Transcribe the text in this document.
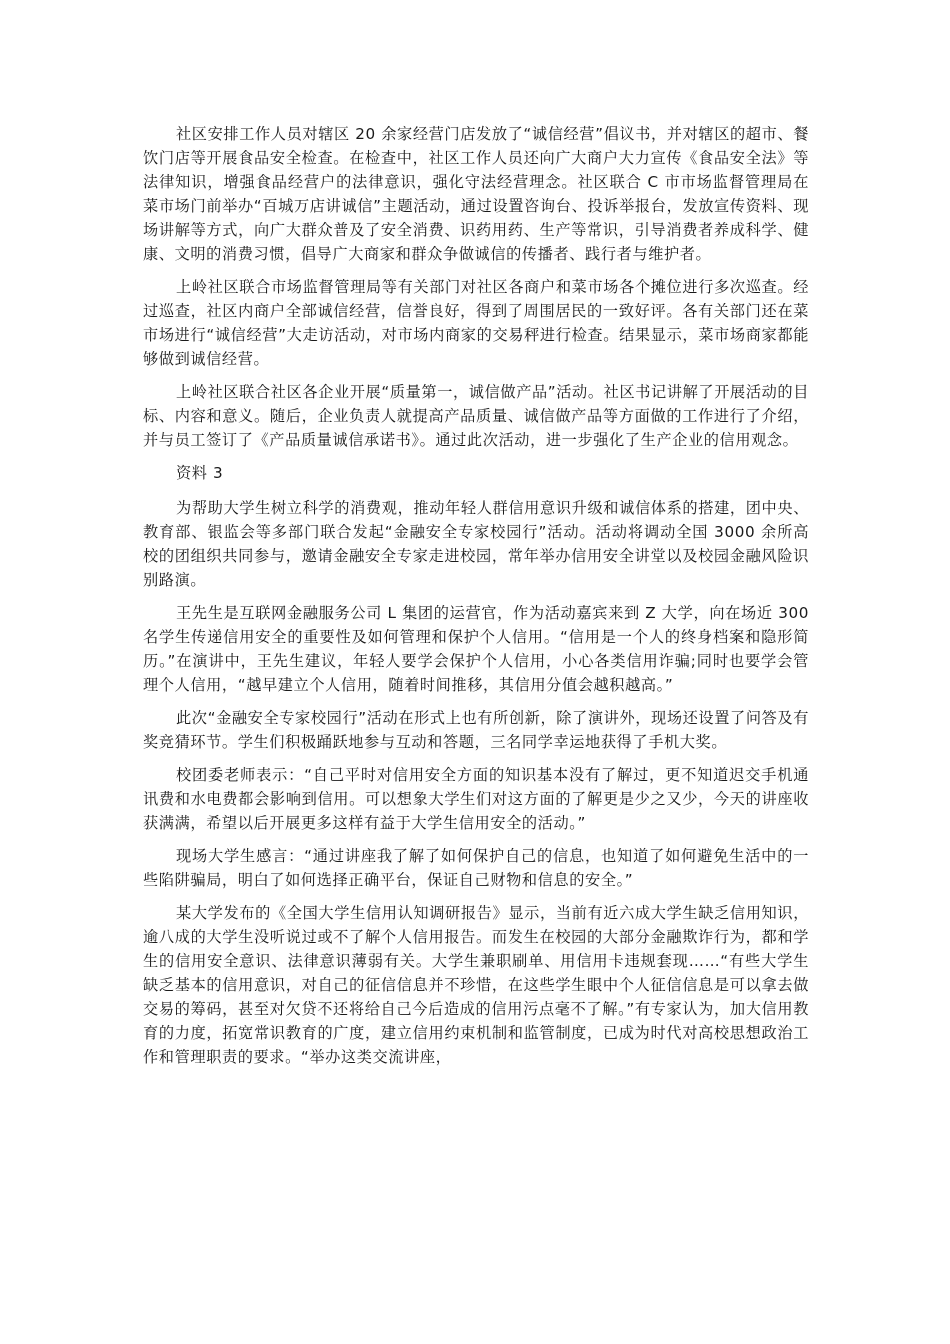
社区安排工作人员对辖区 20 余家经营门店发放了“诚信经营”倡议书，并对辖区的超市、餐饮门店等开展食品安全检查。在检查中，社区工作人员还向广大商户大力宣传《食品安全法》等法律知识，增强食品经营户的法律意识，强化守法经营理念。社区联合 C 市市场监督管理局在菜市场门前举办“百城万店讲诚信”主题活动，通过设置咨询台、投诉举报台，发放宣传资料、现场讲解等方式，向广大群众普及了安全消费、识药用药、生产等常识，引导消费者养成科学、健康、文明的消费习惯，倡导广大商家和群众争做诚信的传播者、践行者与维护者。

上岭社区联合市场监督管理局等有关部门对社区各商户和菜市场各个摊位进行多次巡查。经过巡查，社区内商户全部诚信经营，信誉良好，得到了周围居民的一致好评。各有关部门还在菜市场进行“诚信经营”大走访活动，对市场内商家的交易秤进行检查。结果显示，菜市场商家都能够做到诚信经营。

上岭社区联合社区各企业开展“质量第一，诚信做产品”活动。社区书记讲解了开展活动的目标、内容和意义。随后，企业负责人就提高产品质量、诚信做产品等方面做的工作进行了介绍，并与员工签订了《产品质量诚信承诺书》。通过此次活动，进一步强化了生产企业的信用观念。

资料 3

为帮助大学生树立科学的消费观，推动年轻人群信用意识升级和诚信体系的搭建，团中央、教育部、银监会等多部门联合发起“金融安全专家校园行”活动。活动将调动全国 3000 余所高校的团组织共同参与，邀请金融安全专家走进校园，常年举办信用安全讲堂以及校园金融风险识别路演。

王先生是互联网金融服务公司 L 集团的运营官，作为活动嘉宾来到 Z 大学，向在场近 300 名学生传递信用安全的重要性及如何管理和保护个人信用。“信用是一个人的终身档案和隐形简历。”在演讲中，王先生建议，年轻人要学会保护个人信用，小心各类信用诈骗;同时也要学会管理个人信用，“越早建立个人信用，随着时间推移，其信用分值会越积越高。”

此次“金融安全专家校园行”活动在形式上也有所创新，除了演讲外，现场还设置了问答及有奖竞猜环节。学生们积极踊跃地参与互动和答题，三名同学幸运地获得了手机大奖。

校团委老师表示：“自己平时对信用安全方面的知识基本没有了解过，更不知道迟交手机通讯费和水电费都会影响到信用。可以想象大学生们对这方面的了解更是少之又少，今天的讲座收获满满，希望以后开展更多这样有益于大学生信用安全的活动。”

现场大学生感言：“通过讲座我了解了如何保护自己的信息，也知道了如何避免生活中的一些陷阱骗局，明白了如何选择正确平台，保证自己财物和信息的安全。”

某大学发布的《全国大学生信用认知调研报告》显示，当前有近六成大学生缺乏信用知识，逾八成的大学生没听说过或不了解个人信用报告。而发生在校园的大部分金融欺诈行为，都和学生的信用安全意识、法律意识薄弱有关。大学生兼职刷单、用信用卡违规套现……“有些大学生缺乏基本的信用意识，对自己的征信信息并不珍惜，在这些学生眼中个人征信信息是可以拿去做交易的筹码，甚至对欠贷不还将给自己今后造成的信用污点毫不了解。”有专家认为，加大信用教育的力度，拓宽常识教育的广度，建立信用约束机制和监管制度，已成为时代对高校思想政治工作和管理职责的要求。“举办这类交流讲座，
